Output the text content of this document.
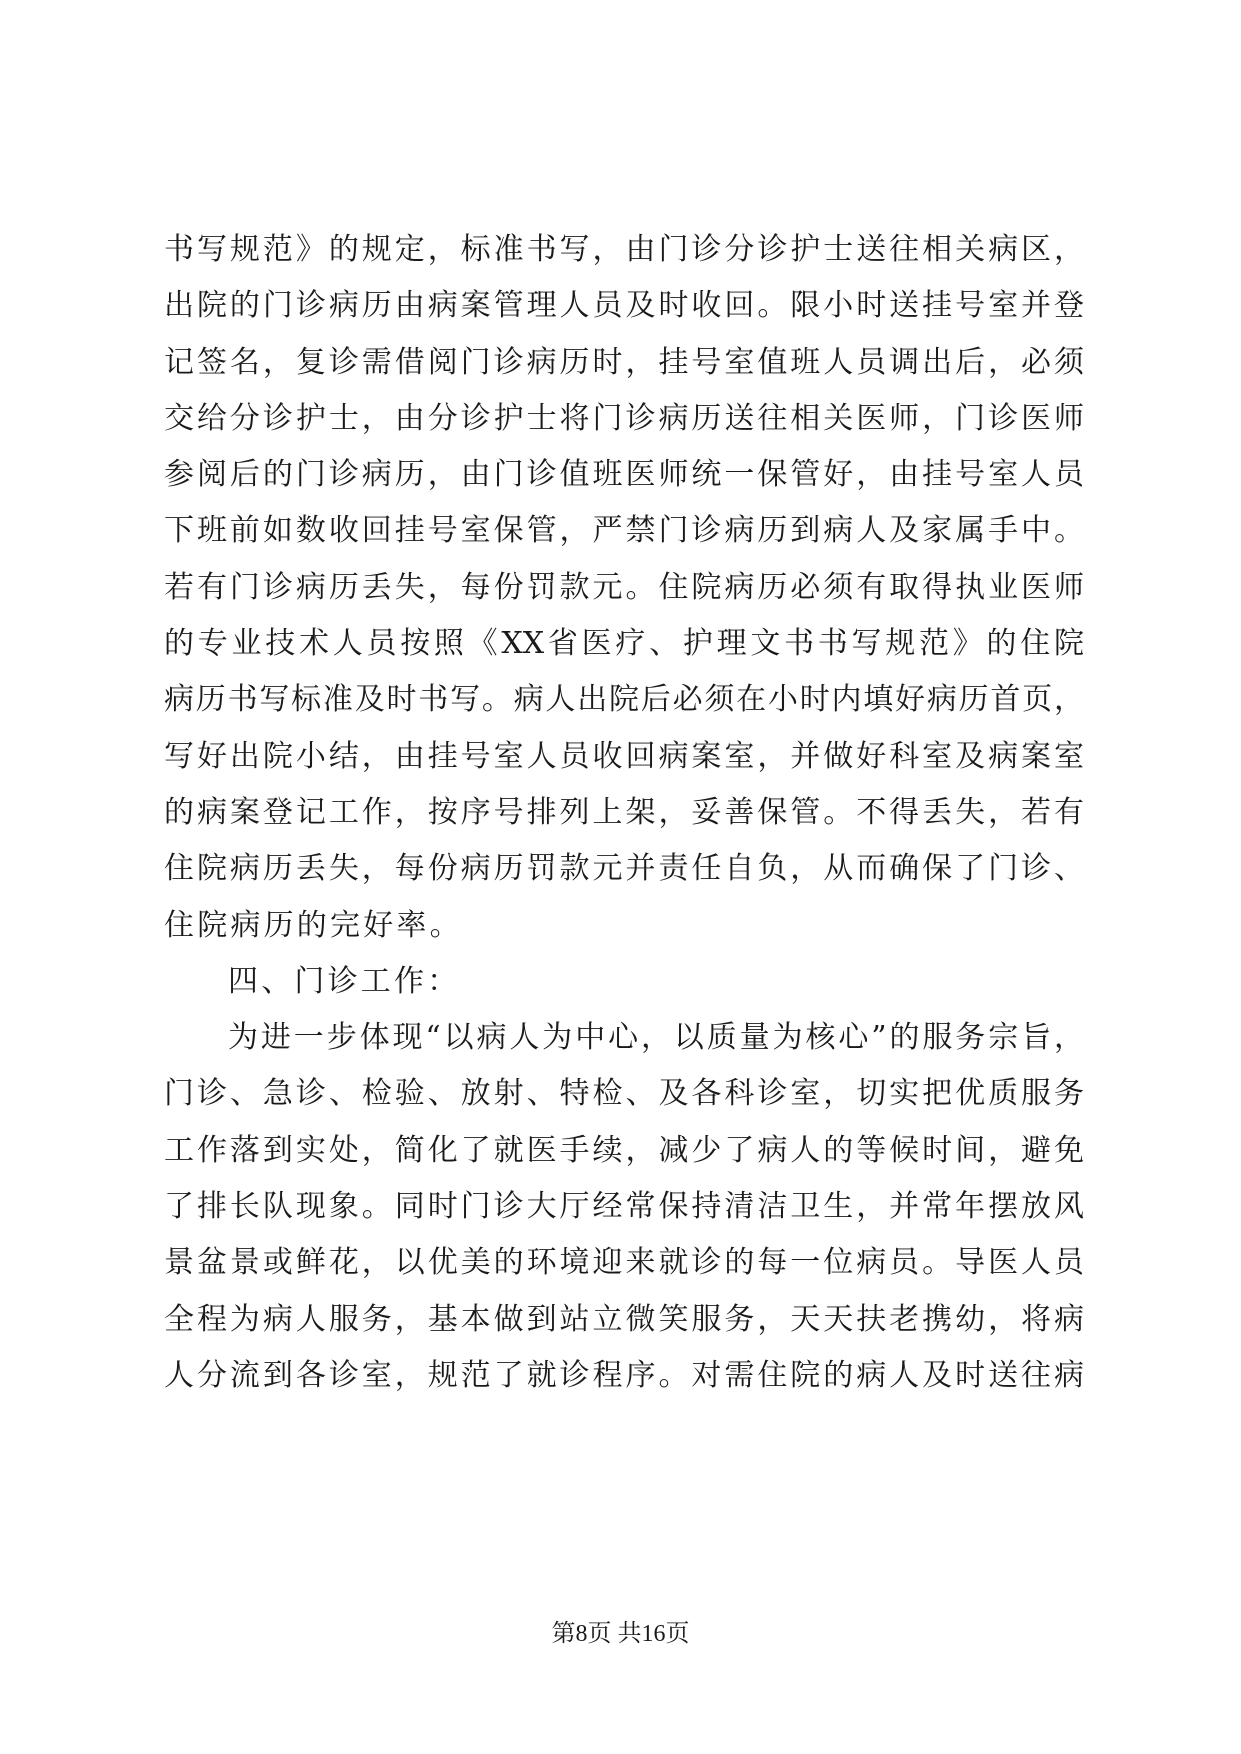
书写规范》的规定，标准书写，由门诊分诊护士送往相关病区，
出院的门诊病历由病案管理人员及时收回。限小时送挂号室并登
记签名，复诊需借阅门诊病历时，挂号室值班人员调出后，必须
交给分诊护士，由分诊护士将门诊病历送往相关医师，门诊医师
参阅后的门诊病历，由门诊值班医师统一保管好，由挂号室人员
下班前如数收回挂号室保管，严禁门诊病历到病人及家属手中。
若有门诊病历丢失，每份罚款元。住院病历必须有取得执业医师
的专业技术人员按照《XX省医疗、护理文书书写规范》的住院
病历书写标准及时书写。病人出院后必须在小时内填好病历首页，
写好出院小结，由挂号室人员收回病案室，并做好科室及病案室
的病案登记工作，按序号排列上架，妥善保管。不得丢失，若有
住院病历丢失，每份病历罚款元并责任自负，从而确保了门诊、
住院病历的完好率。
四、门诊工作：
为进一步体现“以病人为中心，以质量为核心”的服务宗旨，
门诊、急诊、检验、放射、特检、及各科诊室，切实把优质服务
工作落到实处，简化了就医手续，减少了病人的等候时间，避免
了排长队现象。同时门诊大厅经常保持清洁卫生，并常年摆放风
景盆景或鲜花，以优美的环境迎来就诊的每一位病员。导医人员
全程为病人服务，基本做到站立微笑服务，天天扶老携幼，将病
人分流到各诊室，规范了就诊程序。对需住院的病人及时送往病
第8页 共16页
